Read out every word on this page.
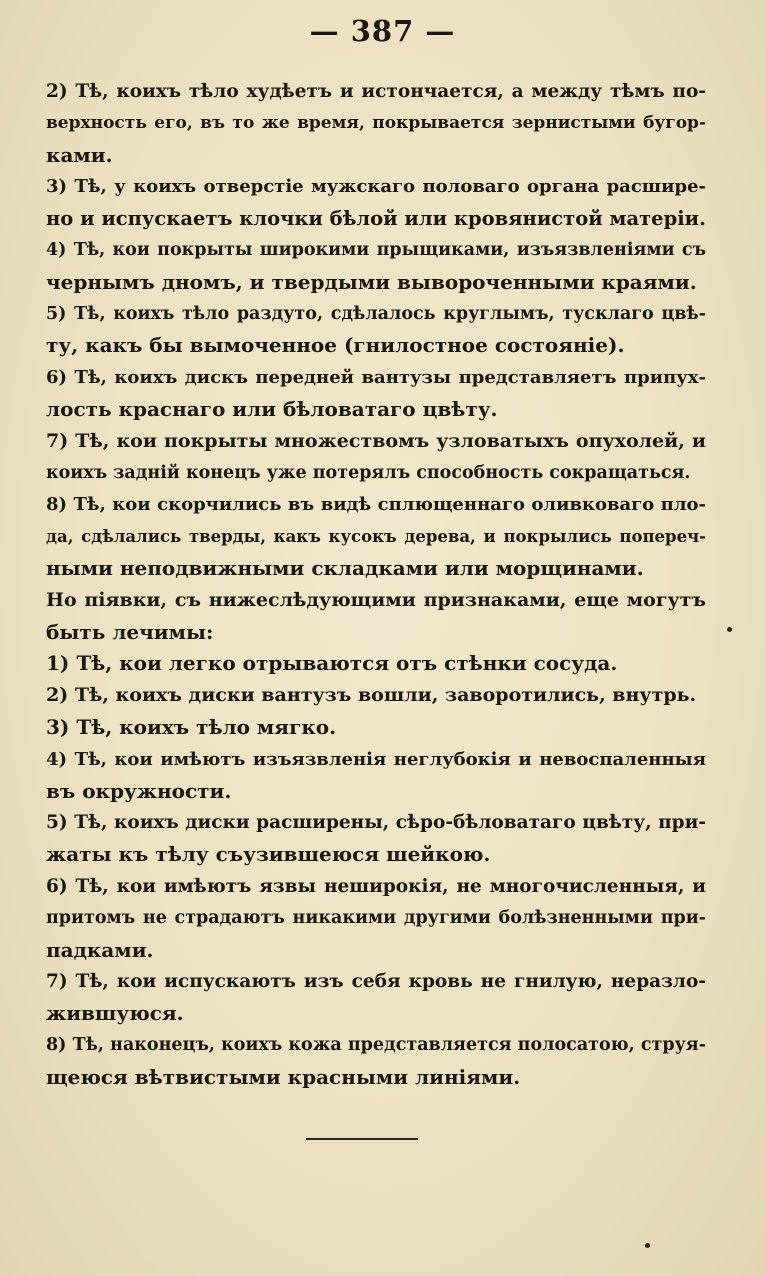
— 387 —
2) Тѣ, коихъ тѣло худѣетъ и истончается, а между тѣмъ по-
верхность его, въ то же время, покрывается зернистыми бугор-
ками.
3) Тѣ, у коихъ отверстіе мужскаго половаго органа расшире-
но и испускаетъ клочки бѣлой или кровянистой матеріи.
4) Тѣ, кои покрыты широкими прыщиками, изъязвленіями съ
чернымъ дномъ, и твердыми вывороченными краями.
5) Тѣ, коихъ тѣло раздуто, сдѣлалось круглымъ, тусклаго цвѣ-
ту, какъ бы вымоченное (гнилостное состояніе).
6) Тѣ, коихъ дискъ передней вантузы представляетъ припух-
лость краснаго или бѣловатаго цвѣту.
7) Тѣ, кои покрыты множествомъ узловатыхъ опухолей, и
коихъ задній конецъ уже потерялъ способность сокращаться.
8) Тѣ, кои скорчились въ видѣ сплющеннаго оливковаго пло-
да, сдѣлались тверды, какъ кусокъ дерева, и покрылись попереч-
ными неподвижными складками или морщинами.
Но піявки, съ нижеслѣдующими признаками, еще могутъ
быть лечимы:
1) Тѣ, кои легко отрываются отъ стѣнки сосуда.
2) Тѣ, коихъ диски вантузъ вошли, заворотились, внутрь.
3) Тѣ, коихъ тѣло мягко.
4) Тѣ, кои имѣютъ изъязвленія неглубокія и невоспаленныя
въ окружности.
5) Тѣ, коихъ диски расширены, сѣро-бѣловатаго цвѣту, при-
жаты къ тѣлу съузившеюся шейкою.
6) Тѣ, кои имѣютъ язвы неширокія, не многочисленныя, и
притомъ не страдаютъ никакими другими болѣзненными при-
падками.
7) Тѣ, кои испускаютъ изъ себя кровь не гнилую, неразло-
жившуюся.
8) Тѣ, наконецъ, коихъ кожа представляется полосатою, струя-
щеюся вѣтвистыми красными линіями.
